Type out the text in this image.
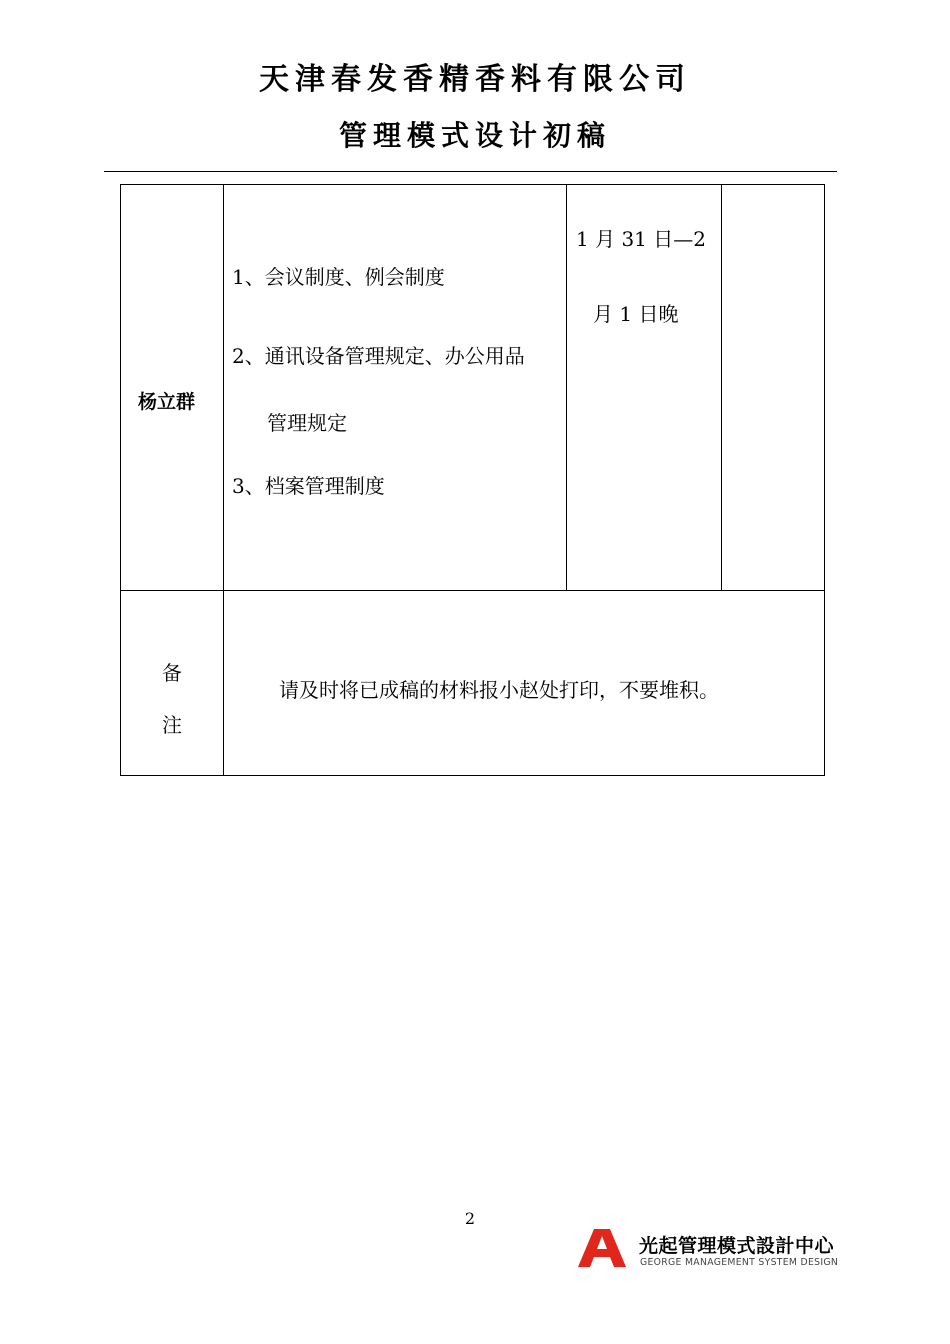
天津春发香精香料有限公司
管理模式设计初稿
杨立群
1、会议制度、例会制度
2、通讯设备管理规定、办公用品
管理规定
3、档案管理制度
1 月 31 日—2
月 1 日晚
备
注
请及时将已成稿的材料报小赵处打印，不要堆积。
2
光起管理模式設計中心
GEORGE MANAGEMENT SYSTEM DESIGN
